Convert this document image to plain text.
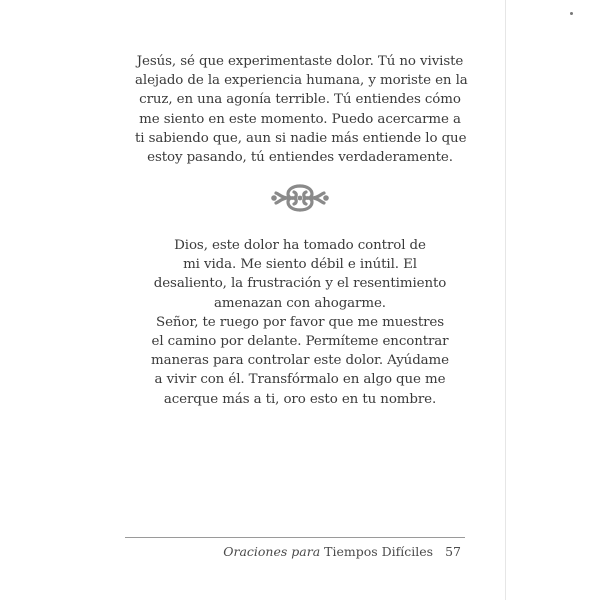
Jesús, sé que experimentaste dolor. Tú no viviste
alejado de la experiencia humana, y moriste en la
cruz, en una agonía terrible. Tú entiendes cómo
me siento en este momento. Puedo acercarme a
ti sabiendo que, aun si nadie más entiende lo que
estoy pasando, tú entiendes verdaderamente.
Dios, este dolor ha tomado control de
mi vida. Me siento débil e inútil. El
desaliento, la frustración y el resentimiento
amenazan con ahogarme.
Señor, te ruego por favor que me muestres
el camino por delante. Permíteme encontrar
maneras para controlar este dolor. Ayúdame
a vivir con él. Transfórmalo en algo que me
acerque más a ti, oro esto en tu nombre.
Oraciones para Tiempos Difíciles 57
